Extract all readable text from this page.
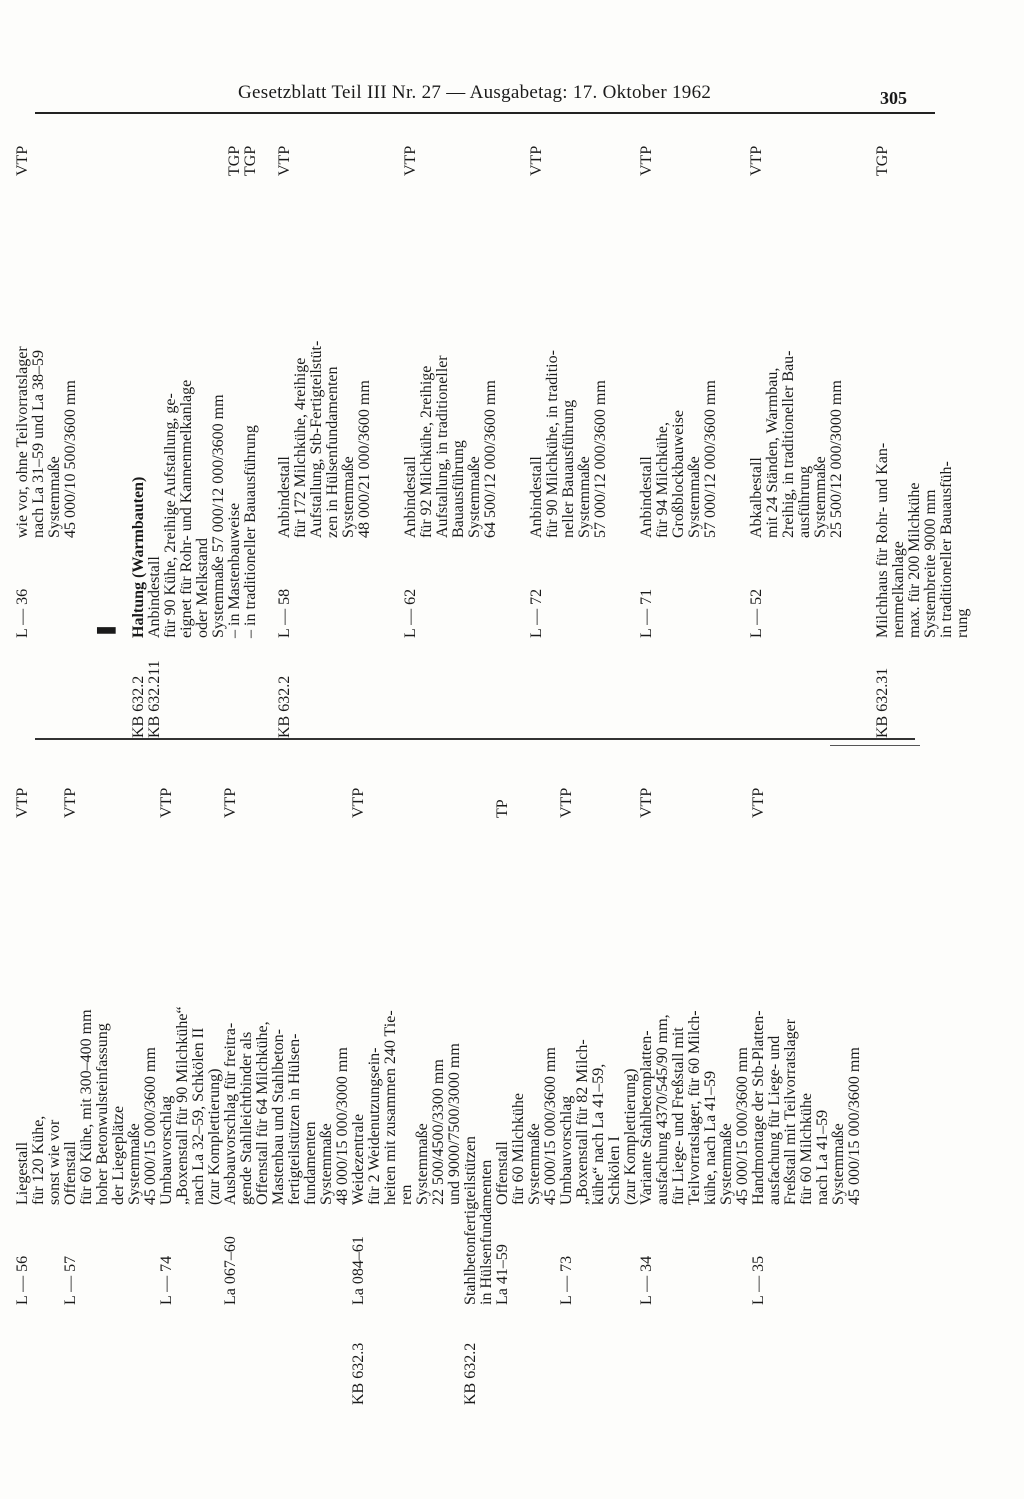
Gesetzblatt Teil III Nr. 27 — Ausgabetag: 17. Oktober 1962	305
L — 36
wie vor, ohne Teilvorratslager nach La 31–59 und La 38–59 Systemmaße 45 000/10 500/3600 mm
VTP
❚
KB 632.2
Haltung (Warmbauten)
KB 632.211
Anbindestall für 90 Kühe, 2reihige Aufstallung, ge- eignet für Rohr- und Kannenmelkanlage oder Melkstand Systemmaße 57 000/12 000/3600 mm – in Mastenbauweise – in traditioneller Bauausführung
TGP TGP
KB 632.2
L — 58
Anbindestall für 172 Milchkühe, 4reihige Aufstallung, Stb-Fertigteilstüt- zen in Hülsenfundamenten Systemmaße 48 000/21 000/3600 mm
VTP
L — 62
Anbindestall für 92 Milchkühe, 2reihige Aufstallung, in traditioneller Bauausführung Systemmaße 64 500/12 000/3600 mm
VTP
L — 72
Anbindestall für 90 Milchkühe, in traditio- neller Bauausführung Systemmaße 57 000/12 000/3600 mm
VTP
L — 71
Anbindestall für 94 Milchkühe, Großblockbauweise Systemmaße 57 000/12 000/3600 mm
VTP
L — 52
Abkalbestall mit 24 Ständen, Warmbau, 2reihig, in traditioneller Bau- ausführung Systemmaße 25 500/12 000/3000 mm
VTP
KB 632.31
Milchhaus für Rohr- und Kan- nenmelkanlage max. für 200 Milchkühe Systembreite 9000 mm in traditioneller Bauausfüh- rung
TGP
L — 56
Liegestall für 120 Kühe, sonst wie vor
VTP
L — 57
Offenstall für 60 Kühe, mit 300–400 mm hoher Betonwulsteinfassung der Liegeplätze Systemmaße 45 000/15 000/3600 mm
VTP
L — 74
Umbauvorschlag „Boxenstall für 90 Milchkühe“ nach La 32–59, Schkölen II (zur Komplettierung)
VTP
La 067–60
Ausbauvorschlag für freitra- gende Stahlleichtbinder als Offenstall für 64 Milchkühe, Mastenbau und Stahlbeton- fertigteilstützen in Hülsen- fundamenten Systemmaße 48 000/15 000/3000 mm
VTP
KB 632.3
La 084–61
Weidezentrale für 2 Weidenutzungsein- heiten mit zusammen 240 Tie- ren Systemmaße 22 500/4500/3300 mm und 9000/7500/3000 mm
VTP
KB 632.2
Stahlbetonfertigteilstützen in Hülsenfundamenten La 41–59
Offenstall für 60 Milchkühe Systemmaße 45 000/15 000/3600 mm
TP
L — 73
Umbauvorschlag „Boxenstall für 82 Milch- kühe“ nach La 41–59, Schkölen I (zur Komplettierung)
VTP
L — 34
Variante Stahlbetonplatten- ausfachung 4370/545/90 mm, für Liege- und Freßstall mit Teilvorratslager, für 60 Milch- kühe, nach La 41–59 Systemmaße 45 000/15 000/3600 mm
VTP
L — 35
Handmontage der Stb-Platten- ausfachung für Liege- und Freßstall mit Teilvorratslager für 60 Milchkühe nach La 41–59 Systemmaße 45 000/15 000/3600 mm
VTP
